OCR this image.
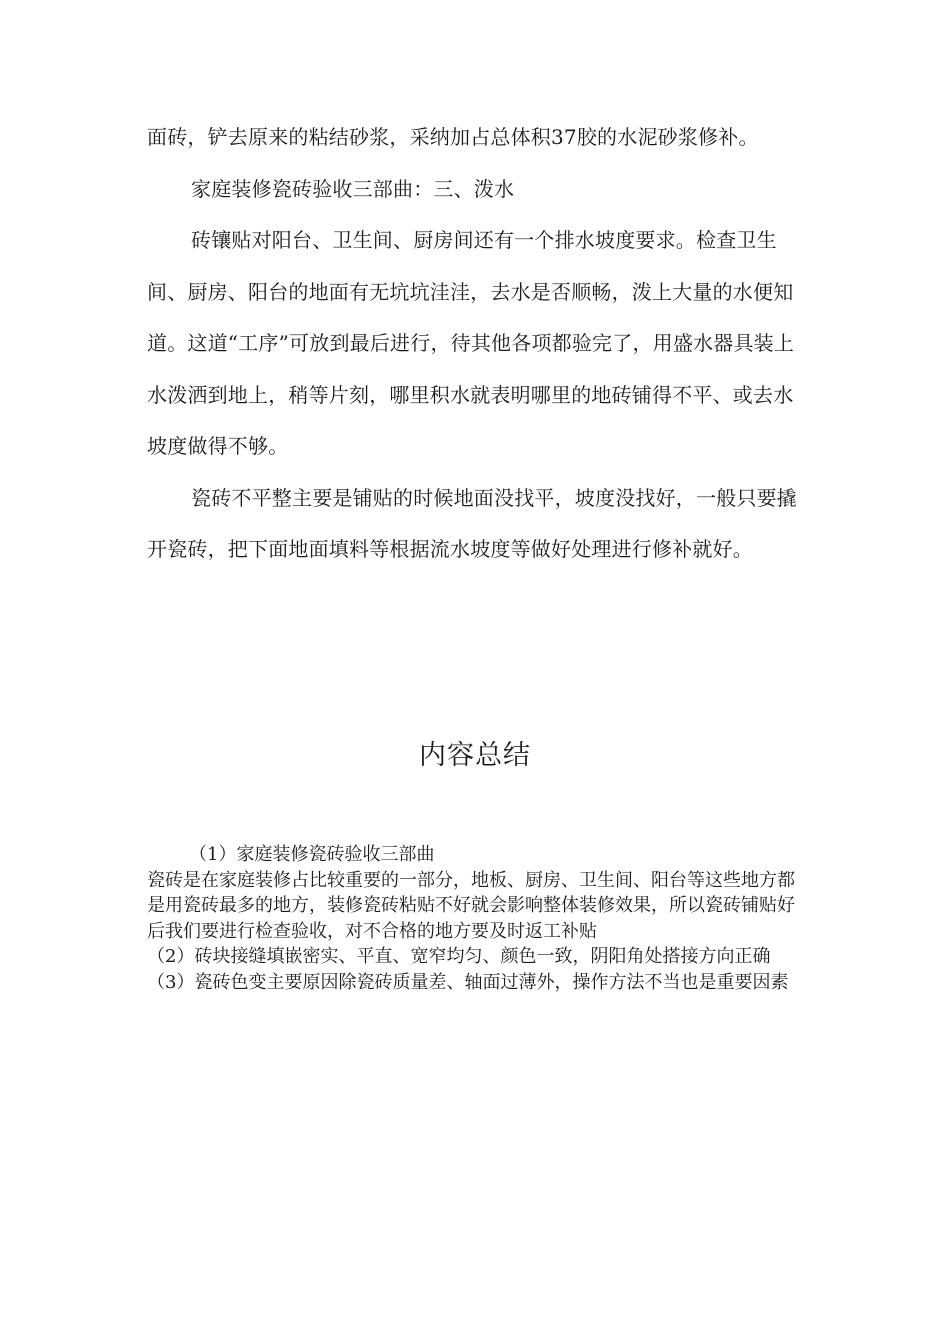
面砖，铲去原来的粘结砂浆，采纳加占总体积37胶的水泥砂浆修补。

家庭装修瓷砖验收三部曲：三、泼水

砖镶贴对阳台、卫生间、厨房间还有一个排水坡度要求。检查卫生间、厨房、阳台的地面有无坑坑洼洼，去水是否顺畅，泼上大量的水便知道。这道“工序”可放到最后进行，待其他各项都验完了，用盛水器具装上水泼洒到地上，稍等片刻，哪里积水就表明哪里的地砖铺得不平、或去水坡度做得不够。

瓷砖不平整主要是铺贴的时候地面没找平，坡度没找好，一般只要撬开瓷砖，把下面地面填料等根据流水坡度等做好处理进行修补就好。

内容总结

（1）家庭装修瓷砖验收三部曲

瓷砖是在家庭装修占比较重要的一部分，地板、厨房、卫生间、阳台等这些地方都是用瓷砖最多的地方，装修瓷砖粘贴不好就会影响整体装修效果，所以瓷砖铺贴好后我们要进行检查验收，对不合格的地方要及时返工补贴

（2）砖块接缝填嵌密实、平直、宽窄均匀、颜色一致，阴阳角处搭接方向正确

（3）瓷砖色变主要原因除瓷砖质量差、轴面过薄外，操作方法不当也是重要因素
